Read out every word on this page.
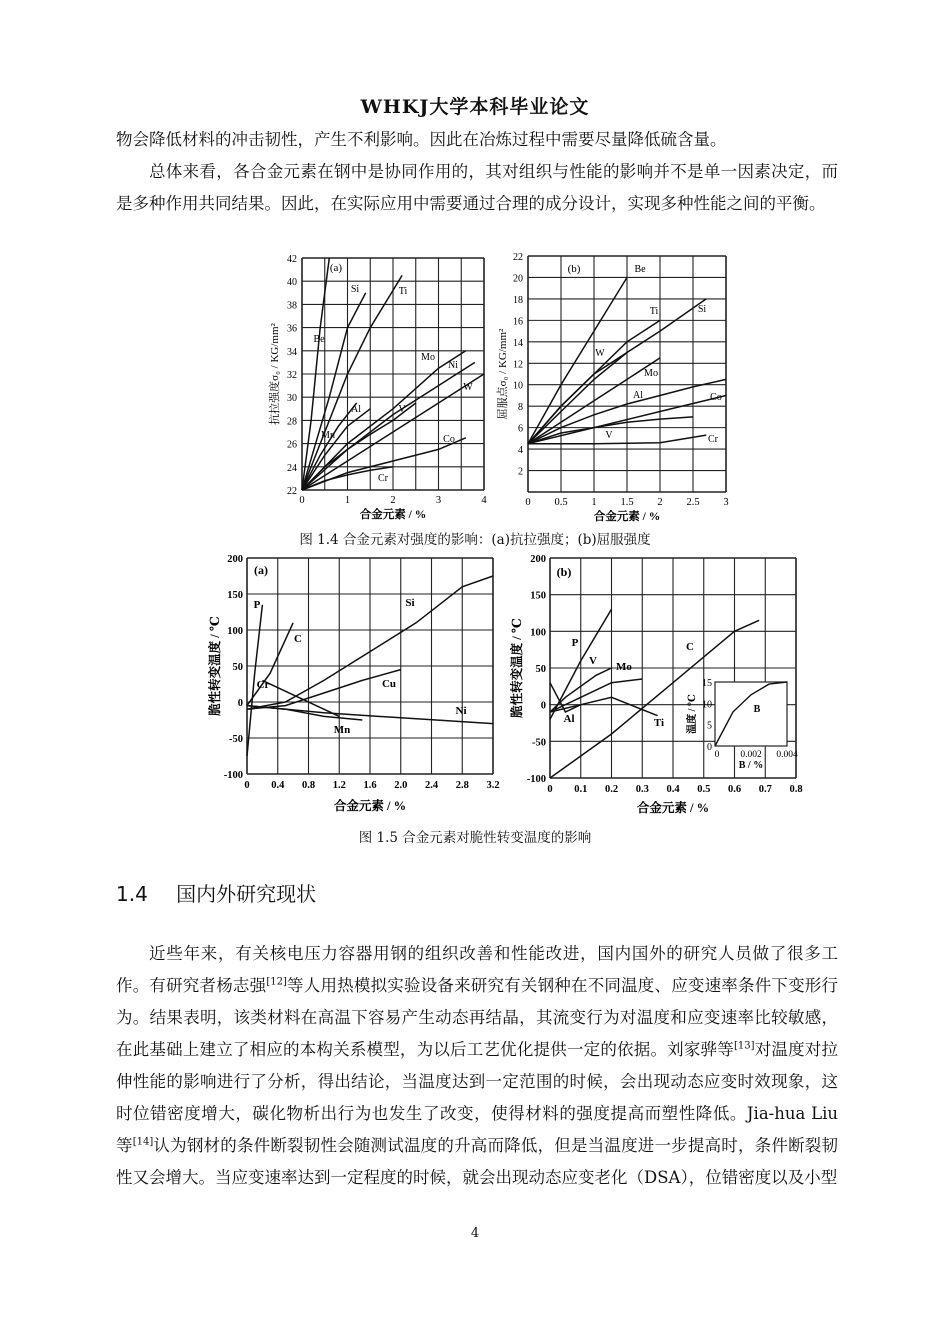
WHKJ大学本科毕业论文

物会降低材料的冲击韧性，产生不利影响。因此在冶炼过程中需要尽量降低硫含量。

总体来看，各合金元素在钢中是协同作用的，其对组织与性能的影响并不是单一因素决定，而是多种作用共同结果。因此，在实际应用中需要通过合理的成分设计，实现多种性能之间的平衡。

22
24
26
28
30
32
34
36
38
40
42
0	1	2	3	4
合金元素 / %
抗拉强度σ₀ / KG/mm²
(a)
Si	Ti
Be
Mo
Ni
W
Al	V
Mn	Co
Cr
2
4
6
8
10
12
14
16
18
20
22
0 0.5 1 1.5 2 2.5 3
合金元素 / %
屈服点σ₀ / KG/mm²
(b)	Be
Ti	Si
W
Mo
Al	Co
V	Cr
图 1.4 合金元素对强度的影响：(a)抗拉强度；(b)屈服强度
200
150
100
50
0
-50
-100
0 0.4 0.8 1.2 1.6 2.0 2.4 2.8 3.2
合金元素 / %
脆性转变温度 / ℃
(a)
P
C
Cr
Si
Cu
Mn
Ni
200
150
100
50
0
-50
-100
0 0.1 0.2 0.3 0.4 0.5 0.6 0.7 0.8
合金元素 / %
脆性转变温度 / ℃
(b)
P
V Mo
Al	Ti
C
15
10
5
0
0 0.002 0.004
B / %
温度 / ℃	B
图 1.5 合金元素对脆性转变温度的影响
1.4 国内外研究现状

近些年来，有关核电压力容器用钢的组织改善和性能改进，国内国外的研究人员做了很多工作。有研究者杨志强[12]等人用热模拟实验设备来研究有关钢种在不同温度、应变速率条件下变形行为。结果表明，该类材料在高温下容易产生动态再结晶，其流变行为对温度和应变速率比较敏感，在此基础上建立了相应的本构关系模型，为以后工艺优化提供一定的依据。刘家骅等[13]对温度对拉伸性能的影响进行了分析，得出结论，当温度达到一定范围的时候，会出现动态应变时效现象，这时位错密度增大，碳化物析出行为也发生了改变，使得材料的强度提高而塑性降低。Jia-hua Liu 等[14]认为钢材的条件断裂韧性会随测试温度的升高而降低，但是当温度进一步提高时，条件断裂韧性又会增大。当应变速率达到一定程度的时候，就会出现动态应变老化（DSA），位错密度以及小型

4
